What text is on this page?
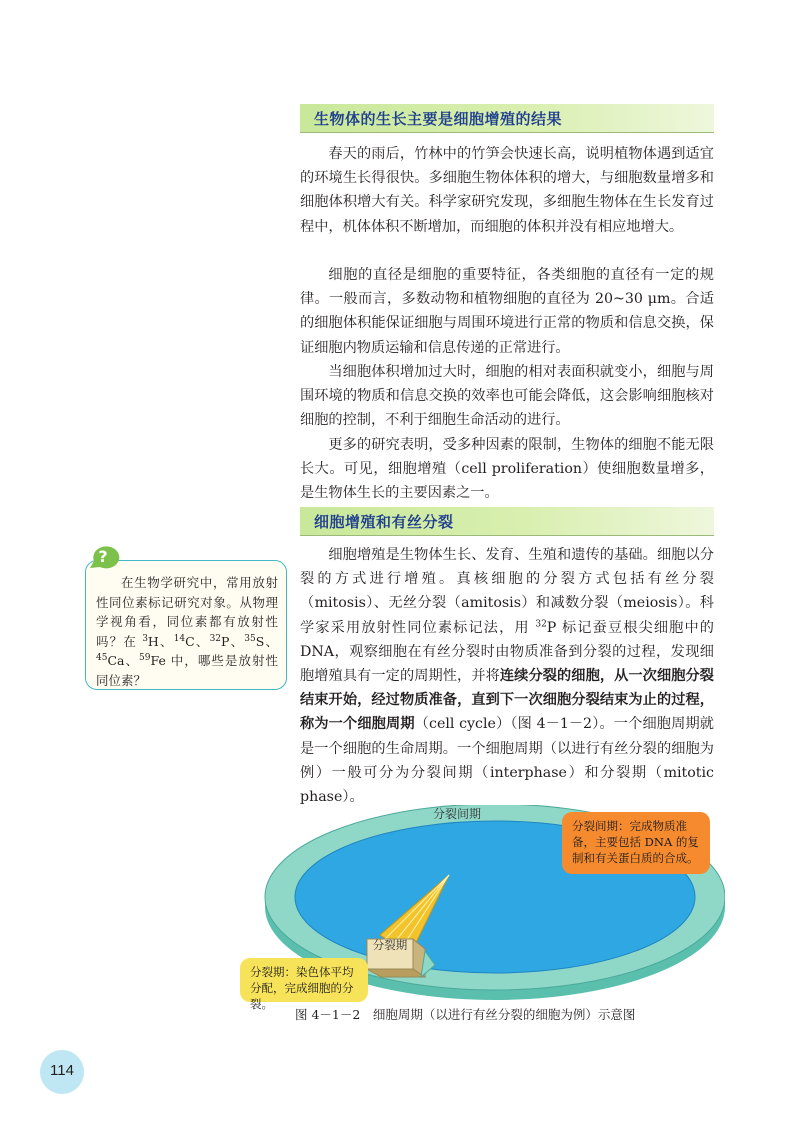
生物体的生长主要是细胞增殖的结果

春天的雨后，竹林中的竹笋会快速长高，说明植物体遇到适宜的环境生长得很快。多细胞生物体体积的增大，与细胞数量增多和细胞体积增大有关。科学家研究发现，多细胞生物体在生长发育过程中，机体体积不断增加，而细胞的体积并没有相应地增大。

细胞的直径是细胞的重要特征，各类细胞的直径有一定的规律。一般而言，多数动物和植物细胞的直径为 20~30 μm。合适的细胞体积能保证细胞与周围环境进行正常的物质和信息交换，保证细胞内物质运输和信息传递的正常进行。

当细胞体积增加过大时，细胞的相对表面积就变小，细胞与周围环境的物质和信息交换的效率也可能会降低，这会影响细胞核对细胞的控制，不利于细胞生命活动的进行。

更多的研究表明，受多种因素的限制，生物体的细胞不能无限长大。可见，细胞增殖（cell proliferation）使细胞数量增多，是生物体生长的主要因素之一。

细胞增殖和有丝分裂

细胞增殖是生物体生长、发育、生殖和遗传的基础。细胞以分裂的方式进行增殖。真核细胞的分裂方式包括有丝分裂（mitosis）、无丝分裂（amitosis）和减数分裂（meiosis）。科学家采用放射性同位素标记法，用 $^{32}$P 标记蚕豆根尖细胞中的 DNA，观察细胞在有丝分裂时由物质准备到分裂的过程，发现细胞增殖具有一定的周期性，并将连续分裂的细胞，从一次细胞分裂结束开始，经过物质准备，直到下一次细胞分裂结束为止的过程，称为一个细胞周期（cell cycle）（图 4－1－2）。一个细胞周期就是一个细胞的生命周期。一个细胞周期（以进行有丝分裂的细胞为例）一般可分为分裂间期（interphase）和分裂期（mitotic phase）。

在生物学研究中，常用放射性同位素标记研究对象。从物理学视角看，同位素都有放射性吗？在 $^3$H、$^{14}$C、$^{32}$P、$^{35}$S、$^{45}$Ca、$^{59}$Fe 中，哪些是放射性同位素？

?
分裂间期
分裂期
分裂间期：完成物质准备，主要包括 DNA 的复制和有关蛋白质的合成。
分裂期：染色体平均分配，完成细胞的分裂。
图 4－1－2　细胞周期（以进行有丝分裂的细胞为例）示意图
114
